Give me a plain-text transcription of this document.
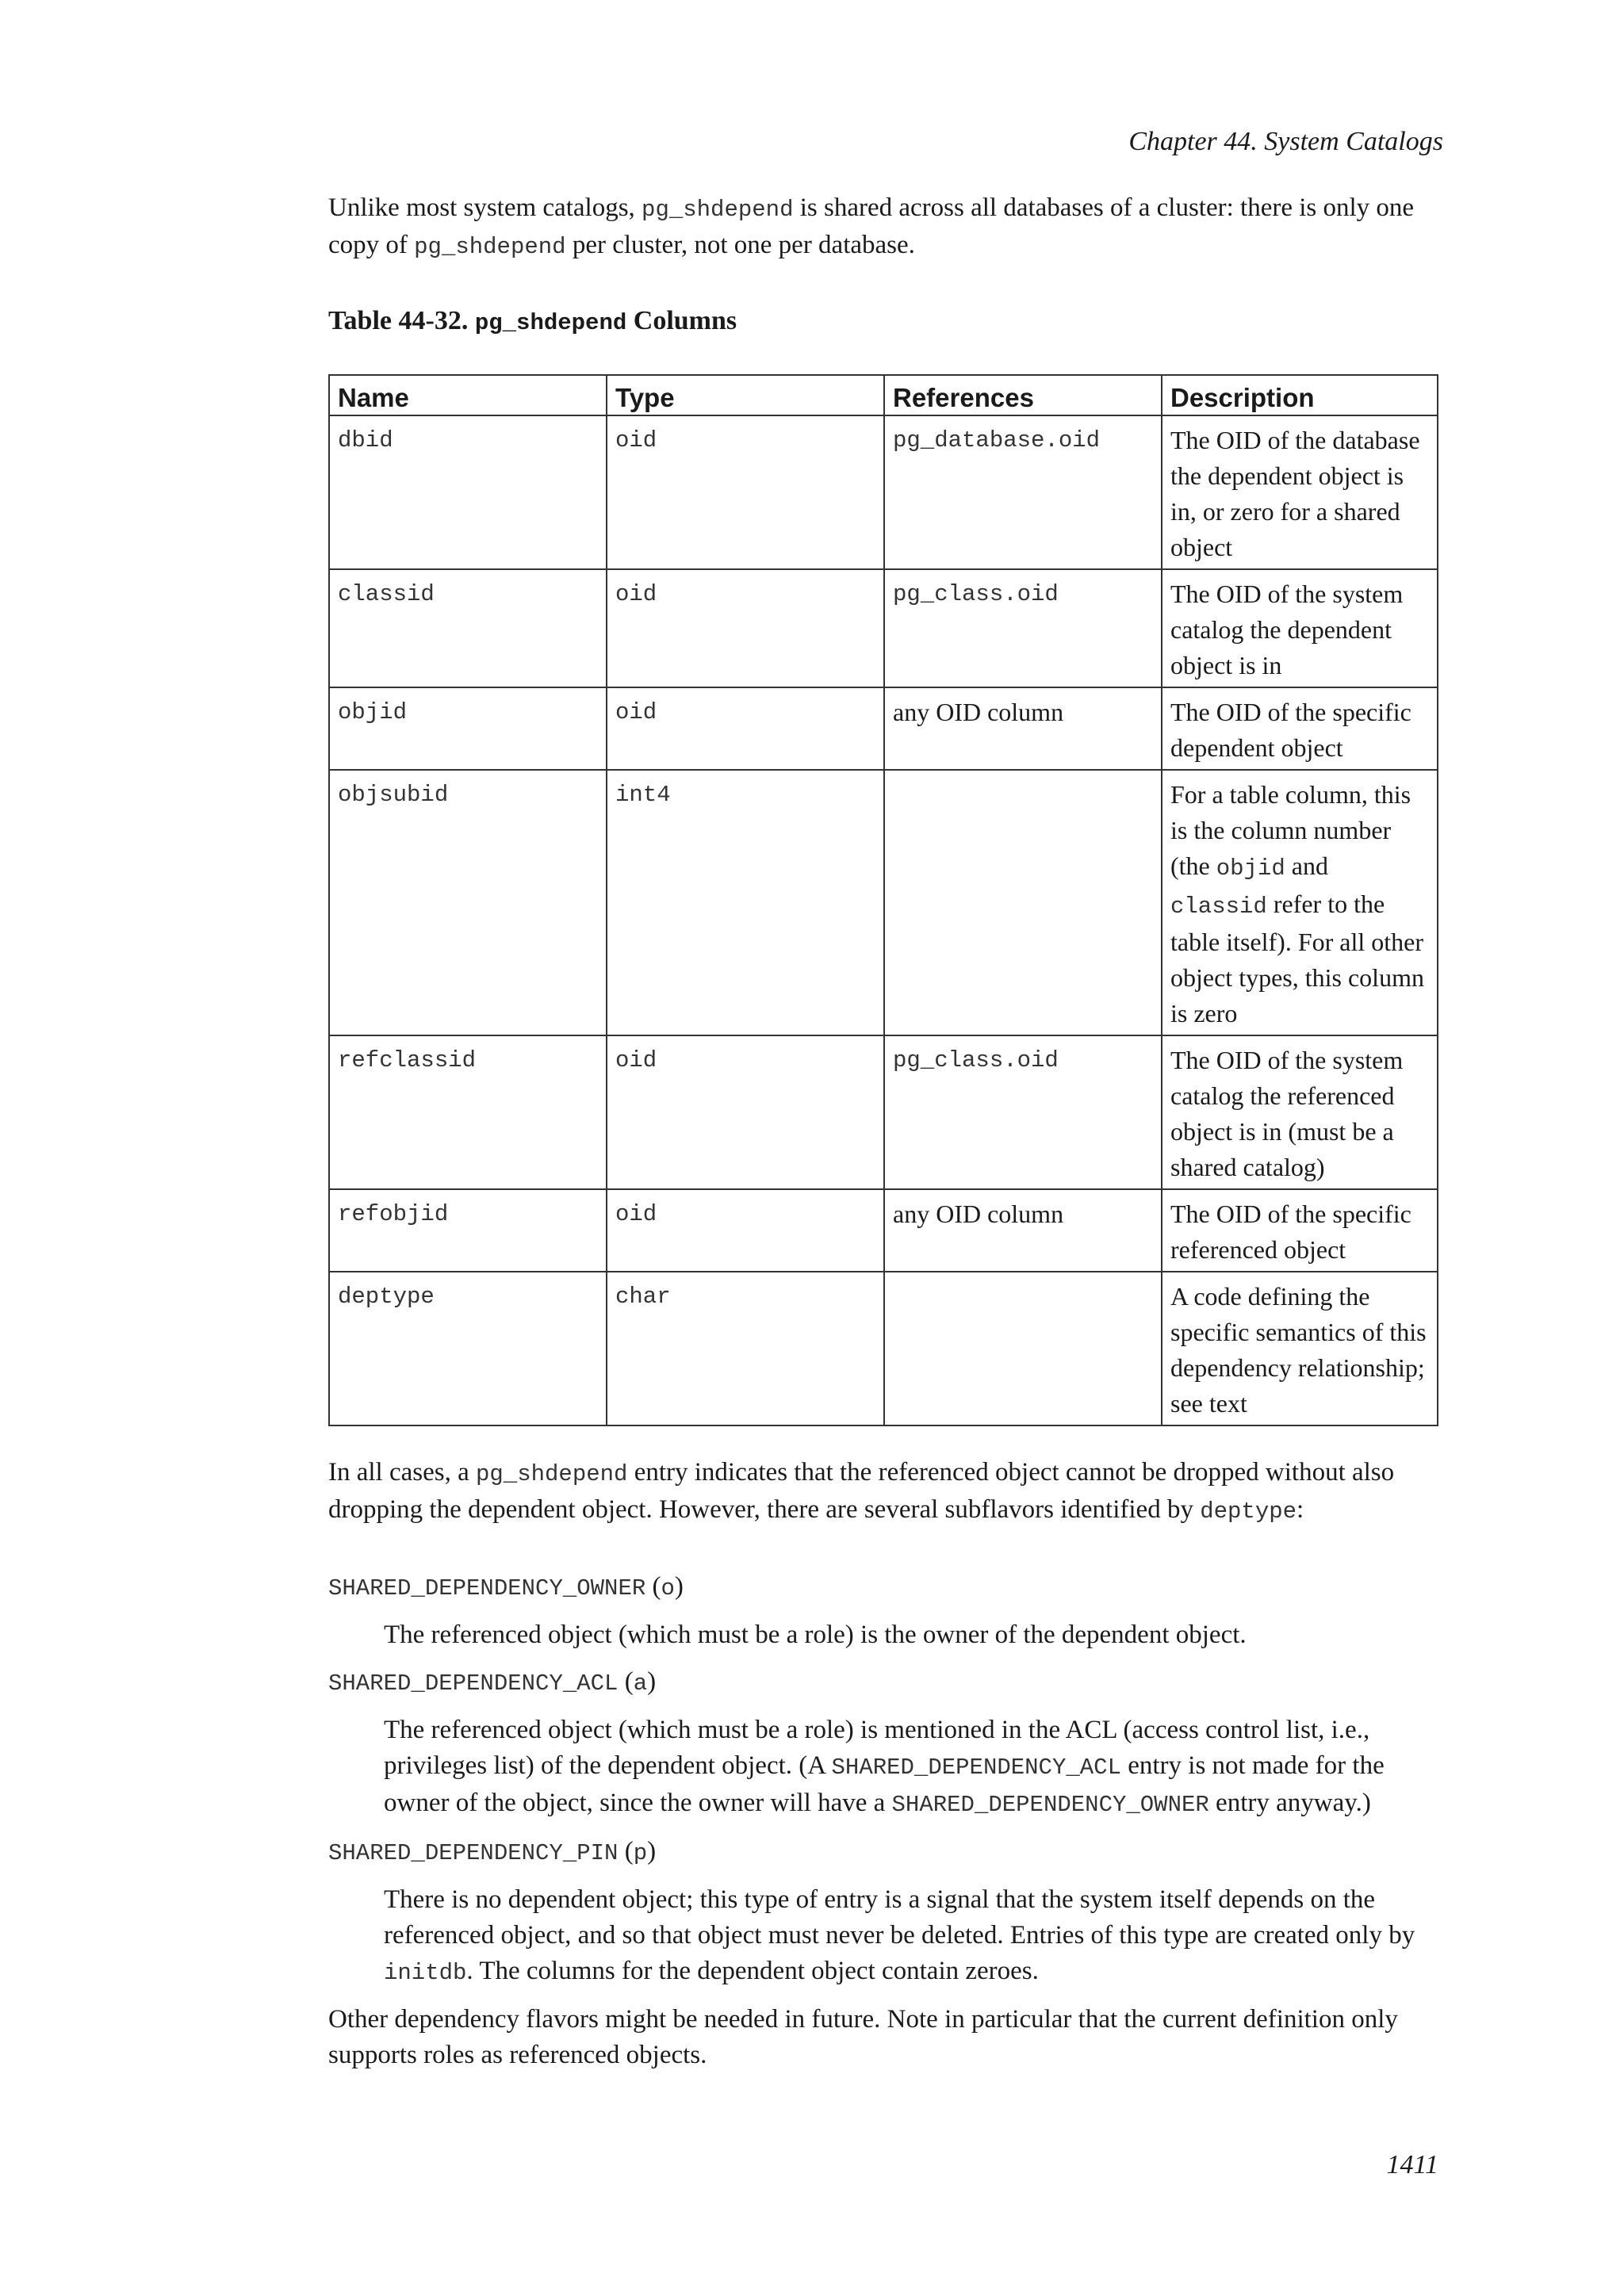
Chapter 44. System Catalogs

Unlike most system catalogs, pg_shdepend is shared across all databases of a cluster: there is only one copy of pg_shdepend per cluster, not one per database.

Table 44-32. pg_shdepend Columns

Name	Type	References	Description
dbid	oid	pg_database.oid	The OID of the database the dependent object is in, or zero for a shared object
classid	oid	pg_class.oid	The OID of the system catalog the dependent object is in
objid	oid	any OID column	The OID of the specific dependent object
objsubid	int4		For a table column, this is the column number (the objid and classid refer to the table itself). For all other object types, this column is zero
refclassid	oid	pg_class.oid	The OID of the system catalog the referenced object is in (must be a shared catalog)
refobjid	oid	any OID column	The OID of the specific referenced object
deptype	char		A code defining the specific semantics of this dependency relationship; see text

In all cases, a pg_shdepend entry indicates that the referenced object cannot be dropped without also dropping the dependent object. However, there are several subflavors identified by deptype:

SHARED_DEPENDENCY_OWNER (o)
The referenced object (which must be a role) is the owner of the dependent object.
SHARED_DEPENDENCY_ACL (a)
The referenced object (which must be a role) is mentioned in the ACL (access control list, i.e., privileges list) of the dependent object. (A SHARED_DEPENDENCY_ACL entry is not made for the owner of the object, since the owner will have a SHARED_DEPENDENCY_OWNER entry anyway.)
SHARED_DEPENDENCY_PIN (p)
There is no dependent object; this type of entry is a signal that the system itself depends on the referenced object, and so that object must never be deleted. Entries of this type are created only by initdb. The columns for the dependent object contain zeroes.

Other dependency flavors might be needed in future. Note in particular that the current definition only supports roles as referenced objects.

1411
